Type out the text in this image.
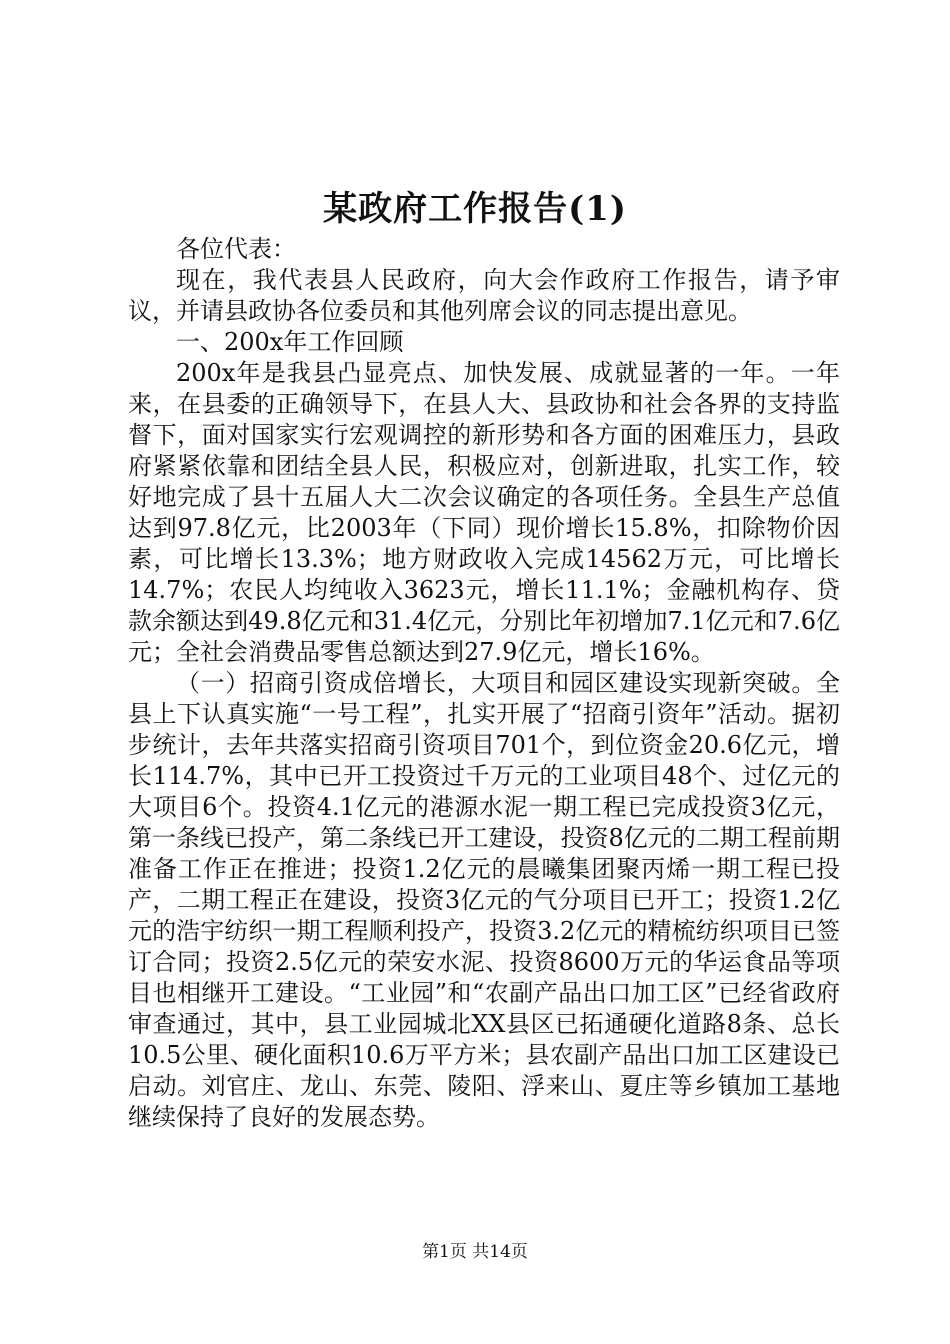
某政府工作报告(1)

各位代表：

现在，我代表县人民政府，向大会作政府工作报告，请予审议，并请县政协各位委员和其他列席会议的同志提出意见。

一、200x年工作回顾

200x年是我县凸显亮点、加快发展、成就显著的一年。一年来，在县委的正确领导下，在县人大、县政协和社会各界的支持监督下，面对国家实行宏观调控的新形势和各方面的困难压力，县政府紧紧依靠和团结全县人民，积极应对，创新进取，扎实工作，较好地完成了县十五届人大二次会议确定的各项任务。全县生产总值达到97.8亿元，比2003年（下同）现价增长15.8%，扣除物价因素，可比增长13.3%；地方财政收入完成14562万元，可比增长14.7%；农民人均纯收入3623元，增长11.1%；金融机构存、贷款余额达到49.8亿元和31.4亿元，分别比年初增加7.1亿元和7.6亿元；全社会消费品零售总额达到27.9亿元，增长16%。

（一）招商引资成倍增长，大项目和园区建设实现新突破。全县上下认真实施“一号工程”，扎实开展了“招商引资年”活动。据初步统计，去年共落实招商引资项目701个，到位资金20.6亿元，增长114.7%，其中已开工投资过千万元的工业项目48个、过亿元的大项目6个。投资4.1亿元的港源水泥一期工程已完成投资3亿元，第一条线已投产，第二条线已开工建设，投资8亿元的二期工程前期准备工作正在推进；投资1.2亿元的晨曦集团聚丙烯一期工程已投产，二期工程正在建设，投资3亿元的气分项目已开工；投资1.2亿元的浩宇纺织一期工程顺利投产，投资3.2亿元的精梳纺织项目已签订合同；投资2.5亿元的荣安水泥、投资8600万元的华运食品等项目也相继开工建设。“工业园”和“农副产品出口加工区”已经省政府审查通过，其中，县工业园城北XX县区已拓通硬化道路8条、总长10.5公里、硬化面积10.6万平方米；县农副产品出口加工区建设已启动。刘官庄、龙山、东莞、陵阳、浮来山、夏庄等乡镇加工基地继续保持了良好的发展态势。

第1页 共14页
